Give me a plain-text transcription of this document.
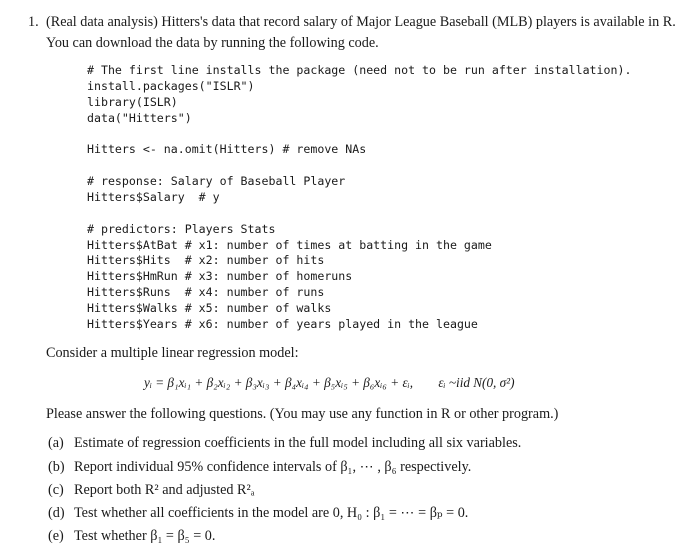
1. (Real data analysis) Hitters's data that record salary of Major League Baseball (MLB) players is available in R. You can download the data by running the following code.
# The first line installs the package (need not to be run after installation).
install.packages("ISLR")
library(ISLR)
data("Hitters")
Hitters <- na.omit(Hitters) # remove NAs
# response: Salary of Baseball Player
Hitters$Salary  # y
# predictors: Players Stats
Hitters$AtBat # x1: number of times at batting in the game
Hitters$Hits  # x2: number of hits
Hitters$HmRun # x3: number of homeruns
Hitters$Runs  # x4: number of runs
Hitters$Walks # x5: number of walks
Hitters$Years # x6: number of years played in the league
Consider a multiple linear regression model:
yᵢ = β₁xᵢ₁ + β₂xᵢ₂ + β₃xᵢ₃ + β₄xᵢ₄ + β₅xᵢ₅ + β₆xᵢ₆ + εᵢ, εᵢ ~iid N(0, σ²)
Please answer the following questions. (You may use any function in R or other program.)
(a) Estimate of regression coefficients in the full model including all six variables.
(b) Report individual 95% confidence intervals of β₁, ⋯ , β₆ respectively.
(c) Report both R² and adjusted R²ₐ
(d) Test whether all coefficients in the model are 0, H₀ : β₁ = ⋯ = βₚ = 0.
(e) Test whether β₁ = β₅ = 0.
